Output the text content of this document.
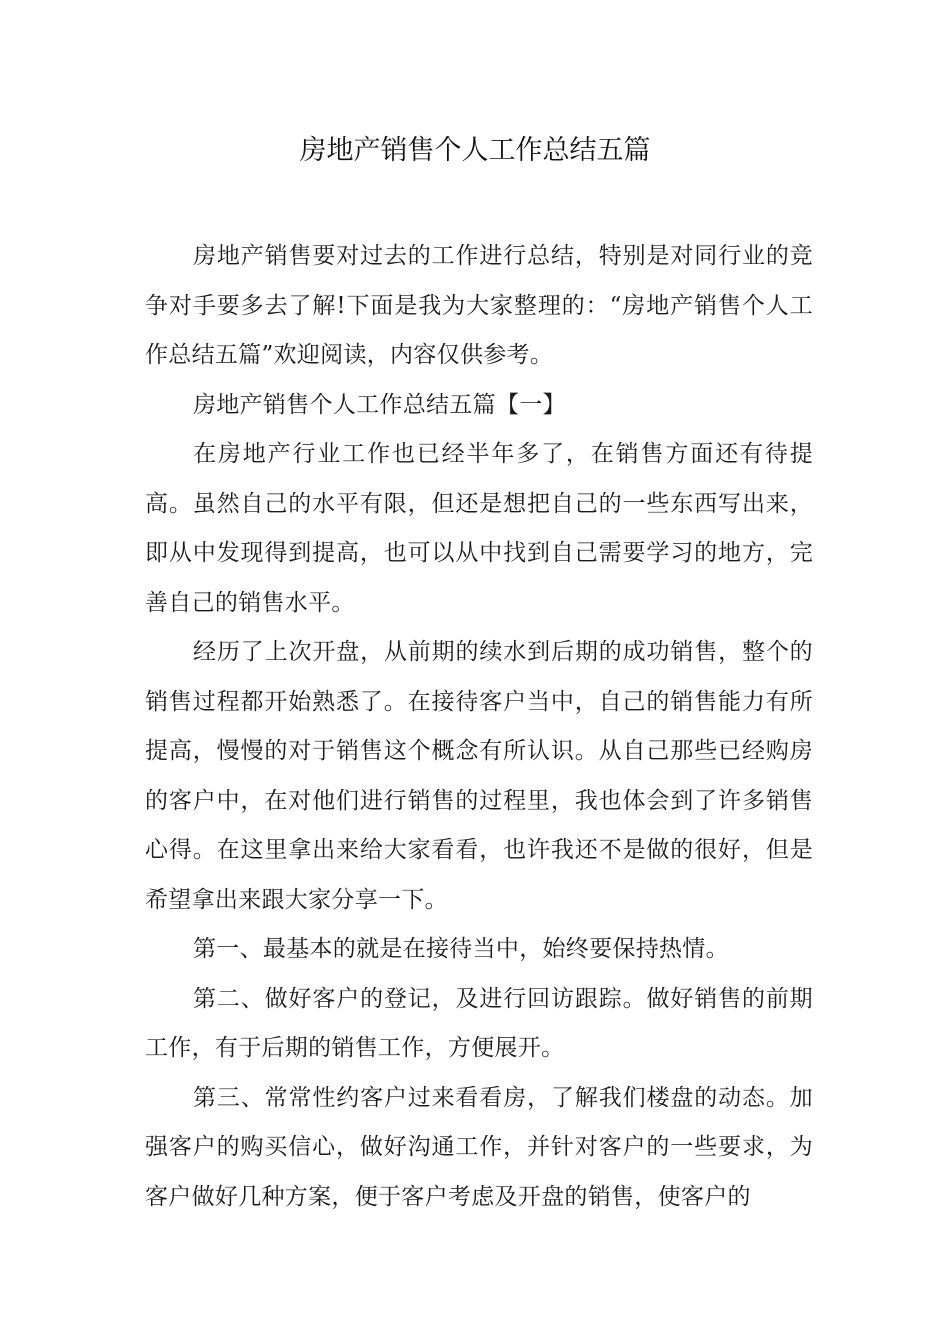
房地产销售个人工作总结五篇

房地产销售要对过去的工作进行总结，特别是对同行业的竞争对手要多去了解!下面是我为大家整理的：“房地产销售个人工作总结五篇”欢迎阅读，内容仅供参考。

房地产销售个人工作总结五篇【一】

在房地产行业工作也已经半年多了，在销售方面还有待提高。虽然自己的水平有限，但还是想把自己的一些东西写出来，即从中发现得到提高，也可以从中找到自己需要学习的地方，完善自己的销售水平。

经历了上次开盘，从前期的续水到后期的成功销售，整个的销售过程都开始熟悉了。在接待客户当中，自己的销售能力有所提高，慢慢的对于销售这个概念有所认识。从自己那些已经购房的客户中，在对他们进行销售的过程里，我也体会到了许多销售心得。在这里拿出来给大家看看，也许我还不是做的很好，但是希望拿出来跟大家分享一下。

第一、最基本的就是在接待当中，始终要保持热情。

第二、做好客户的登记，及进行回访跟踪。做好销售的前期工作，有于后期的销售工作，方便展开。

第三、常常性约客户过来看看房，了解我们楼盘的动态。加强客户的购买信心，做好沟通工作，并针对客户的一些要求，为客户做好几种方案，便于客户考虑及开盘的销售，使客户的
